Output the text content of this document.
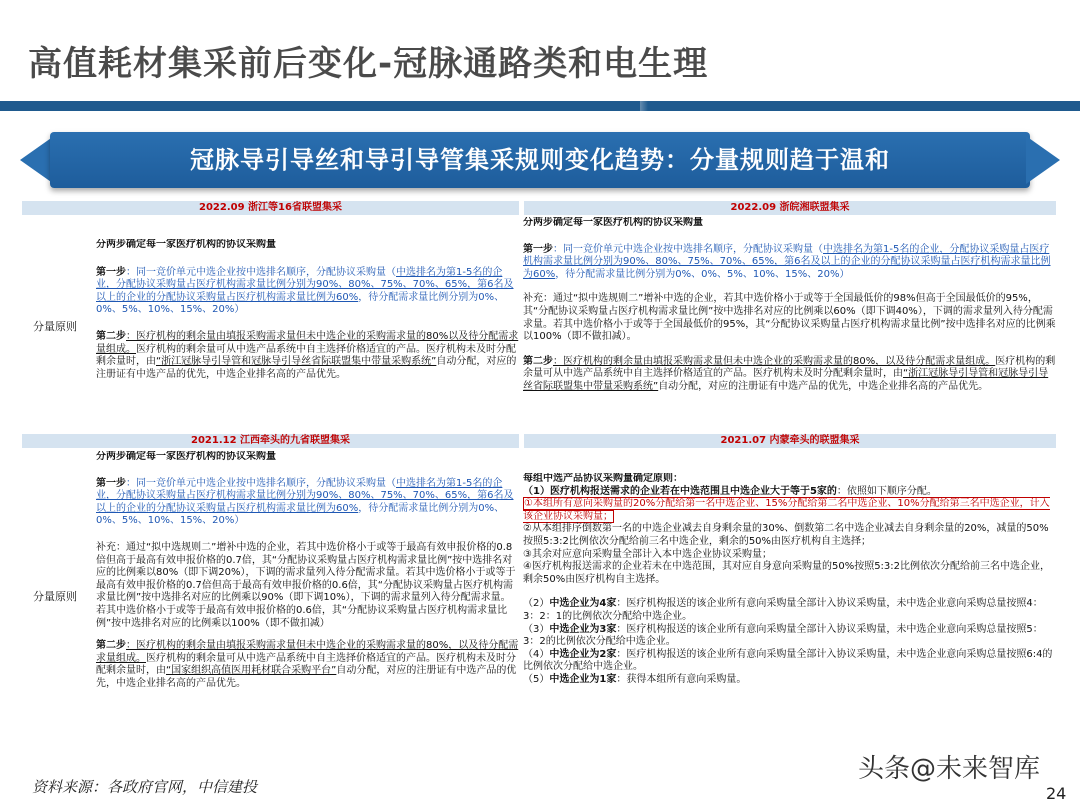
高值耗材集采前后变化-冠脉通路类和电生理
冠脉导引导丝和导引导管集采规则变化趋势：分量规则趋于温和
2022.09 浙江等16省联盟集采	2022.09 浙皖湘联盟集采
分量原则

分两步确定每一家医疗机构的协议采购量

第一步：同一竞价单元中选企业按中选排名顺序，分配协议采购量（中选排名为第1-5名的企业，分配协议采购量占医疗机构需求量比例分别为90%、80%、75%、70%、65%，第6名及以上的企业的分配协议采购量占医疗机构需求量比例为60%，待分配需求量比例分别为0%、0%、5%、10%、15%、20%）

第二步：医疗机构的剩余量由填报采购需求量但未中选企业的采购需求量的80%以及待分配需求量组成。医疗机构的剩余量可从中选产品系统中自主选择价格适宜的产品。医疗机构未及时分配剩余量时，由“浙江冠脉导引导管和冠脉导引导丝省际联盟集中带量采购系统”自动分配，对应的注册证有中选产品的优先，中选企业排名高的产品优先。

分两步确定每一家医疗机构的协议采购量

第一步：同一竞价单元中选企业按中选排名顺序，分配协议采购量（中选排名为第1-5名的企业，分配协议采购量占医疗机构需求量比例分别为90%、80%、75%、70%、65%，第6名及以上的企业的分配协议采购量占医疗机构需求量比例为60%，待分配需求量比例分别为0%、0%、5%、10%、15%、20%）

补充：通过“拟中选规则二”增补中选的企业，若其中选价格小于或等于全国最低价的98%但高于全国最低价的95%，其“分配协议采购量占医疗机构需求量比例”按中选排名对应的比例乘以60%（即下调40%），下调的需求量列入待分配需求量。若其中选价格小于或等于全国最低价的95%，其“分配协议采购量占医疗机构需求量比例”按中选排名对应的比例乘以100%（即不做扣减）。

第二步：医疗机构的剩余量由填报采购需求量但未中选企业的采购需求量的80%，以及待分配需求量组成。医疗机构的剩余量可从中选产品系统中自主选择价格适宜的产品。医疗机构未及时分配剩余量时，由“浙江冠脉导引导管和冠脉导引导丝省际联盟集中带量采购系统”自动分配，对应的注册证有中选产品的优先，中选企业排名高的产品优先。

2021.12 江西牵头的九省联盟集采	2021.07 内蒙牵头的联盟集采
分量原则

分两步确定每一家医疗机构的协议采购量

第一步：同一竞价单元中选企业按中选排名顺序，分配协议采购量（中选排名为第1-5名的企业，分配协议采购量占医疗机构需求量比例分别为90%、80%、75%、70%、65%，第6名及以上的企业的分配协议采购量占医疗机构需求量比例为60%，待分配需求量比例分别为0%、0%、5%、10%、15%、20%）

补充：通过“拟中选规则二”增补中选的企业，若其中选价格小于或等于最高有效申报价格的0.8倍但高于最高有效申报价格的0.7倍，其“分配协议采购量占医疗机构需求量比例”按中选排名对应的比例乘以80%（即下调20%），下调的需求量列入待分配需求量。若其中选价格小于或等于最高有效申报价格的0.7倍但高于最高有效申报价格的0.6倍，其“分配协议采购量占医疗机构需求量比例”按中选排名对应的比例乘以90%（即下调10%），下调的需求量列入待分配需求量。若其中选价格小于或等于最高有效申报价格的0.6倍，其“分配协议采购量占医疗机构需求量比例”按中选排名对应的比例乘以100%（即不做扣减）

第二步：医疗机构的剩余量由填报采购需求量但未中选企业的采购需求量的80%，以及待分配需求量组成。医疗机构的剩余量可从中选产品系统中自主选择价格适宜的产品。医疗机构未及时分配剩余量时，由“国家组织高值医用耗材联合采购平台”自动分配，对应的注册证有中选产品的优先，中选企业排名高的产品优先。

每组中选产品协议采购量确定原则：

（1）医疗机构报送需求的企业若在中选范围且中选企业大于等于5家的：依照如下顺序分配。

①本组所有意向采购量的20%分配给第一名中选企业、15%分配给第二名中选企业、10%分配给第三名中选企业，计入该企业协议采购量；

②从本组排序倒数第一名的中选企业减去自身剩余量的30%、倒数第二名中选企业减去自身剩余量的20%，减量的50%按照5:3:2比例依次分配给前三名中选企业，剩余的50%由医疗机构自主选择；

③其余对应意向采购量全部计入本中选企业协议采购量；

④医疗机构报送需求的企业若未在中选范围，其对应自身意向采购量的50%按照5:3:2比例依次分配给前三名中选企业，剩余50%由医疗机构自主选择。

（2）中选企业为4家：医疗机构报送的该企业所有意向采购量全部计入协议采购量，未中选企业意向采购总量按照4：3：2：1的比例依次分配给中选企业。

（3）中选企业为3家：医疗机构报送的该企业所有意向采购量全部计入协议采购量，未中选企业意向采购总量按照5：3：2的比例依次分配给中选企业。

（4）中选企业为2家：医疗机构报送的该企业所有意向采购量全部计入协议采购量，未中选企业意向采购总量按照6:4的比例依次分配给中选企业。

（5）中选企业为1家：获得本组所有意向采购量。

资料来源：各政府官网，中信建投
头条@未来智库
24
